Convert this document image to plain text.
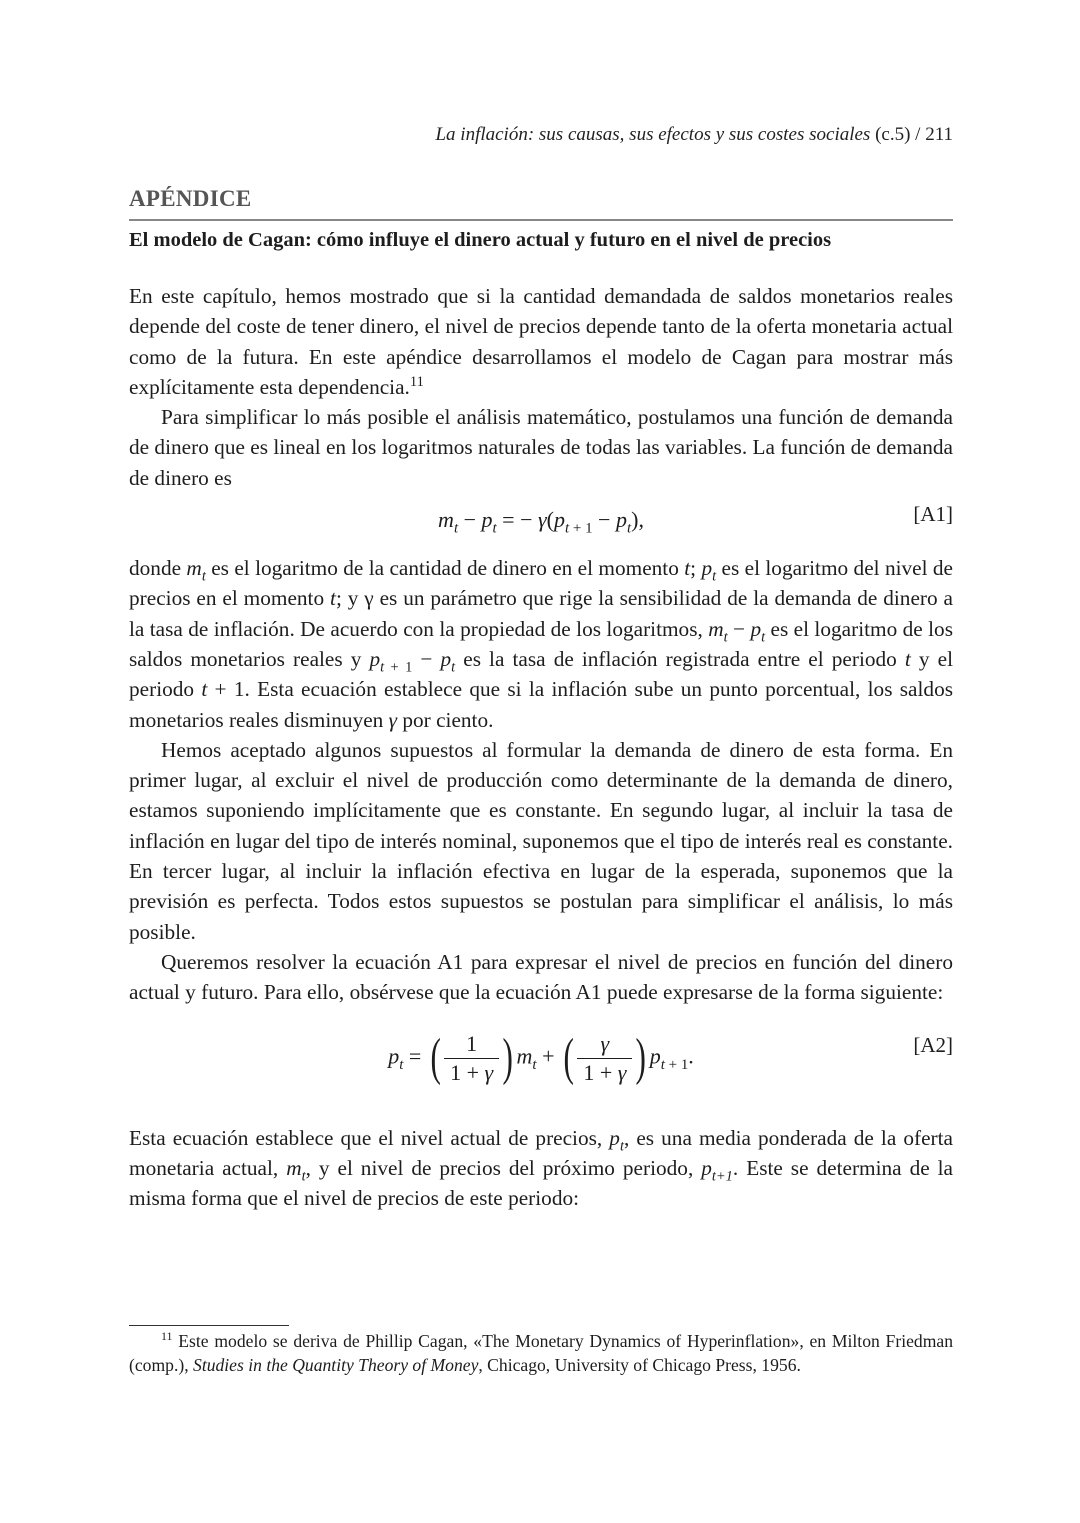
La inflación: sus causas, sus efectos y sus costes sociales (c.5) / 211
APÉNDICE
El modelo de Cagan: cómo influye el dinero actual y futuro en el nivel de precios

En este capítulo, hemos mostrado que si la cantidad demandada de saldos monetarios reales depende del coste de tener dinero, el nivel de precios depende tanto de la oferta monetaria actual como de la futura. En este apéndice desarrollamos el modelo de Cagan para mostrar más explícitamente esta dependencia.$^{11}$

Para simplificar lo más posible el análisis matemático, postulamos una función de demanda de dinero que es lineal en los logaritmos naturales de todas las variables. La función de demanda de dinero es

$m_t - p_t$ = − $\gamma(p_{t + 1} - p_t)$,	[A1]

donde $m_t$ es el logaritmo de la cantidad de dinero en el momento t; $p_t$ es el logaritmo del nivel de precios en el momento t; y γ es un parámetro que rige la sensibilidad de la demanda de dinero a la tasa de inflación. De acuerdo con la propiedad de los logaritmos, $m_t - p_t$ es el logaritmo de los saldos monetarios reales y $p_{t + 1} - p_t$ es la tasa de inflación registrada entre el periodo t y el periodo t + 1. Esta ecuación establece que si la inflación sube un punto porcentual, los saldos monetarios reales disminuyen γ por ciento.

Hemos aceptado algunos supuestos al formular la demanda de dinero de esta forma. En primer lugar, al excluir el nivel de producción como determinante de la demanda de dinero, estamos suponiendo implícitamente que es constante. En segundo lugar, al incluir la tasa de inflación en lugar del tipo de interés nominal, suponemos que el tipo de interés real es constante. En tercer lugar, al incluir la inflación efectiva en lugar de la esperada, suponemos que la previsión es perfecta. Todos estos supuestos se postulan para simplificar el análisis, lo más posible.

Queremos resolver la ecuación A1 para expresar el nivel de precios en función del dinero actual y futuro. Para ello, obsérvese que la ecuación A1 puede expresarse de la forma siguiente:

$p_t$ = ( $\frac{1}{1 + \gamma}$ ) $m_t$ + ( $\frac{\gamma}{1 + \gamma}$ ) $p_{t + 1}$.	[A2]

Esta ecuación establece que el nivel actual de precios, $p_t$, es una media ponderada de la oferta monetaria actual, $m_t$, y el nivel de precios del próximo periodo, $p_{t+1}$. Este se determina de la misma forma que el nivel de precios de este periodo:

$^{11}$ Este modelo se deriva de Phillip Cagan, «The Monetary Dynamics of Hyperinflation», en Milton Friedman (comp.), Studies in the Quantity Theory of Money, Chicago, University of Chicago Press, 1956.
